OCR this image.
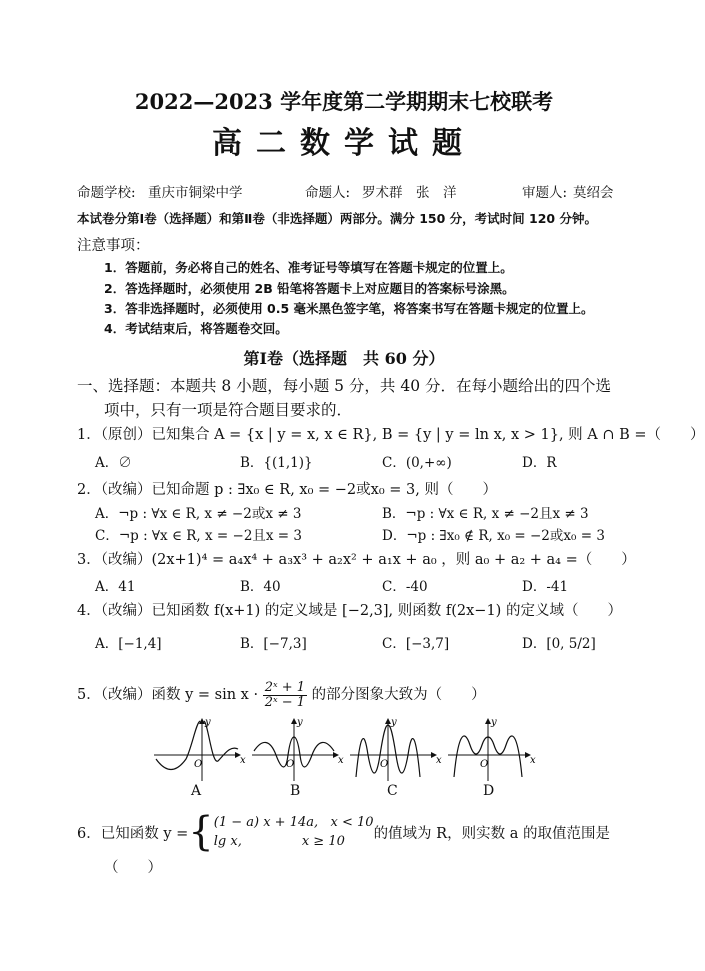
2022—2023 学年度第二学期期末七校联考
高二数学试题
命题学校: 重庆市铜梁中学	命题人: 罗术群　张　洋	审题人: 莫绍会
本试卷分第Ⅰ卷（选择题）和第Ⅱ卷（非选择题）两部分。满分 150 分，考试时间 120 分钟。
注意事项：
1．答题前，务必将自己的姓名、准考证号等填写在答题卡规定的位置上。
2．答选择题时，必须使用 2B 铅笔将答题卡上对应题目的答案标号涂黑。
3．答非选择题时，必须使用 0.5 毫米黑色签字笔，将答案书写在答题卡规定的位置上。
4．考试结束后，将答题卷交回。
第Ⅰ卷（选择题　共 60 分）
一、选择题：本题共 8 小题，每小题 5 分，共 40 分．在每小题给出的四个选
项中，只有一项是符合题目要求的．
1．（原创）已知集合 A = {x | y = x, x ∈ R}, B = {y | y = ln x, x > 1}, 则 A ∩ B =（　　）
A．∅	B．{(1,1)}	C．(0,+∞)	D．R
2．（改编）已知命题 p : ∃x₀ ∈ R, x₀ = −2或x₀ = 3, 则（　　）
A．¬p : ∀x ∈ R, x ≠ −2或x ≠ 3	B．¬p : ∀x ∈ R, x ≠ −2且x ≠ 3
C．¬p : ∀x ∈ R, x = −2且x = 3	D．¬p : ∃x₀ ∉ R, x₀ = −2或x₀ = 3
3．（改编）(2x+1)⁴ = a₄x⁴ + a₃x³ + a₂x² + a₁x + a₀ ，则 a₀ + a₂ + a₄ =（　　）
A．41	B．40	C．-40	D．-41
4．（改编）已知函数 f(x+1) 的定义域是 [−2,3], 则函数 f(2x−1) 的定义域（　　）
A．[−1,4]	B．[−7,3]	C．[−3,7]	D．[0, 5/2]
5．（改编）函数 $y = \sin x \cdot \frac{\text{2ˣ + 1}}{\text{2ˣ − 1}}$ 的部分图象大致为（　　）
O	x
y
O	x
y
O	x
y
O	x
y
A	B	C	D
6．已知函数 y = { (1 − a) x + 14a, x < 10
lg x,	x ≥ 10	的值域为 R，则实数 a 的取值范围是
（　　）
